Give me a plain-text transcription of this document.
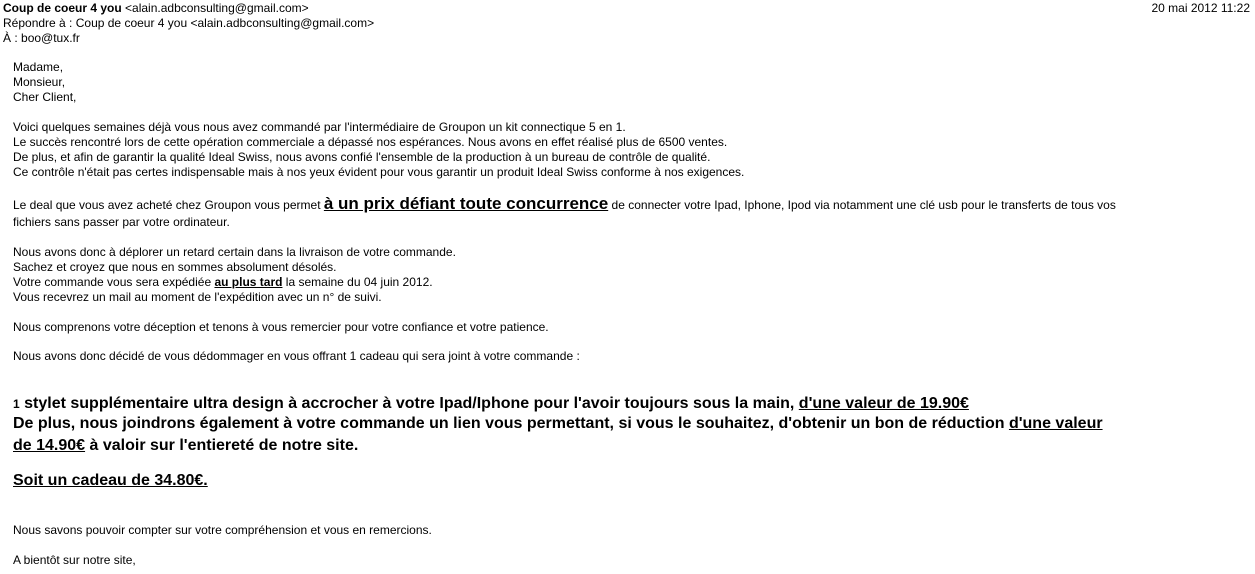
Coup de coeur 4 you <alain.adbconsulting@gmail.com>
Répondre à : Coup de coeur 4 you <alain.adbconsulting@gmail.com>
À : boo@tux.fr
20 mai 2012 11:22
Madame,
Monsieur,
Cher Client,
Voici quelques semaines déjà vous nous avez commandé par l'intermédiaire de Groupon un kit connectique 5 en 1.
Le succès rencontré lors de cette opération commerciale a dépassé nos espérances. Nous avons en effet réalisé plus de 6500 ventes.
De plus, et afin de garantir la qualité Ideal Swiss, nous avons confié l'ensemble de la production à un bureau de contrôle de qualité.
Ce contrôle n'était pas certes indispensable mais à nos yeux évident pour vous garantir un produit Ideal Swiss conforme à nos exigences.
Le deal que vous avez acheté chez Groupon vous permet à un prix défiant toute concurrence de connecter votre Ipad, Iphone, Ipod via notamment une clé usb pour le transferts de tous vos
fichiers sans passer par votre ordinateur.
Nous avons donc à déplorer un retard certain dans la livraison de votre commande.
Sachez et croyez que nous en sommes absolument désolés.
Votre commande vous sera expédiée au plus tard la semaine du 04 juin 2012.
Vous recevrez un mail au moment de l'expédition avec un n° de suivi.
Nous comprenons votre déception et tenons à vous remercier pour votre confiance et votre patience.
Nous avons donc décidé de vous dédommager en vous offrant 1 cadeau qui sera joint à votre commande :
1 stylet supplémentaire ultra design à accrocher à votre Ipad/Iphone pour l'avoir toujours sous la main, d'une valeur de 19.90€
De plus, nous joindrons également à votre commande un lien vous permettant, si vous le souhaitez, d'obtenir un bon de réduction d'une valeur
de 14.90€ à valoir sur l'entiereté de notre site.
Soit un cadeau de 34.80€.
Nous savons pouvoir compter sur votre compréhension et vous en remercions.
A bientôt sur notre site,
